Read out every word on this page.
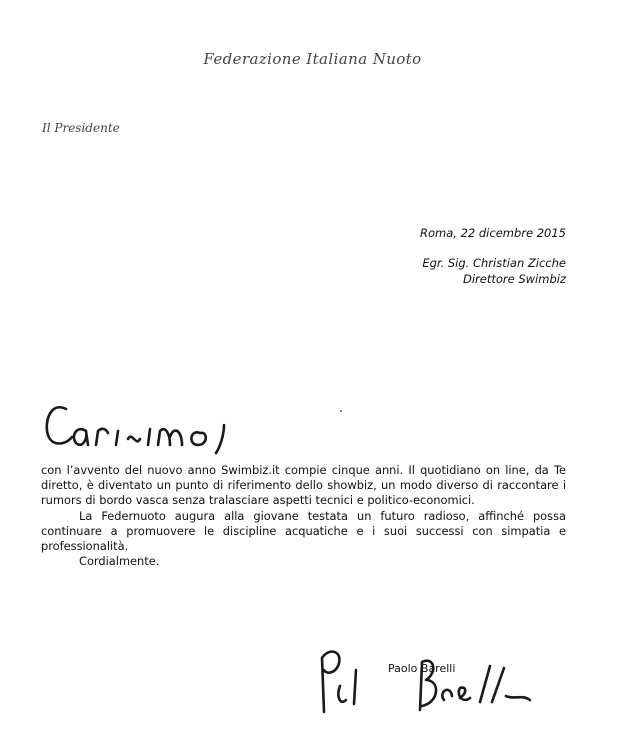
Federazione Italiana Nuoto
Il Presidente
Roma, 22 dicembre 2015
Egr. Sig. Christian Zicche
Direttore Swimbiz

con l’avvento del nuovo anno Swimbiz.it compie cinque anni. Il quotidiano on line, da Te diretto, è diventato un punto di riferimento dello showbiz, un modo diverso di raccontare i rumors di bordo vasca senza tralasciare aspetti tecnici e politico-economici.

La Federnuoto augura alla giovane testata un futuro radioso, affinché possa continuare a promuovere le discipline acquatiche e i suoi successi con simpatia e professionalità.

Cordialmente.

Paolo Barelli
